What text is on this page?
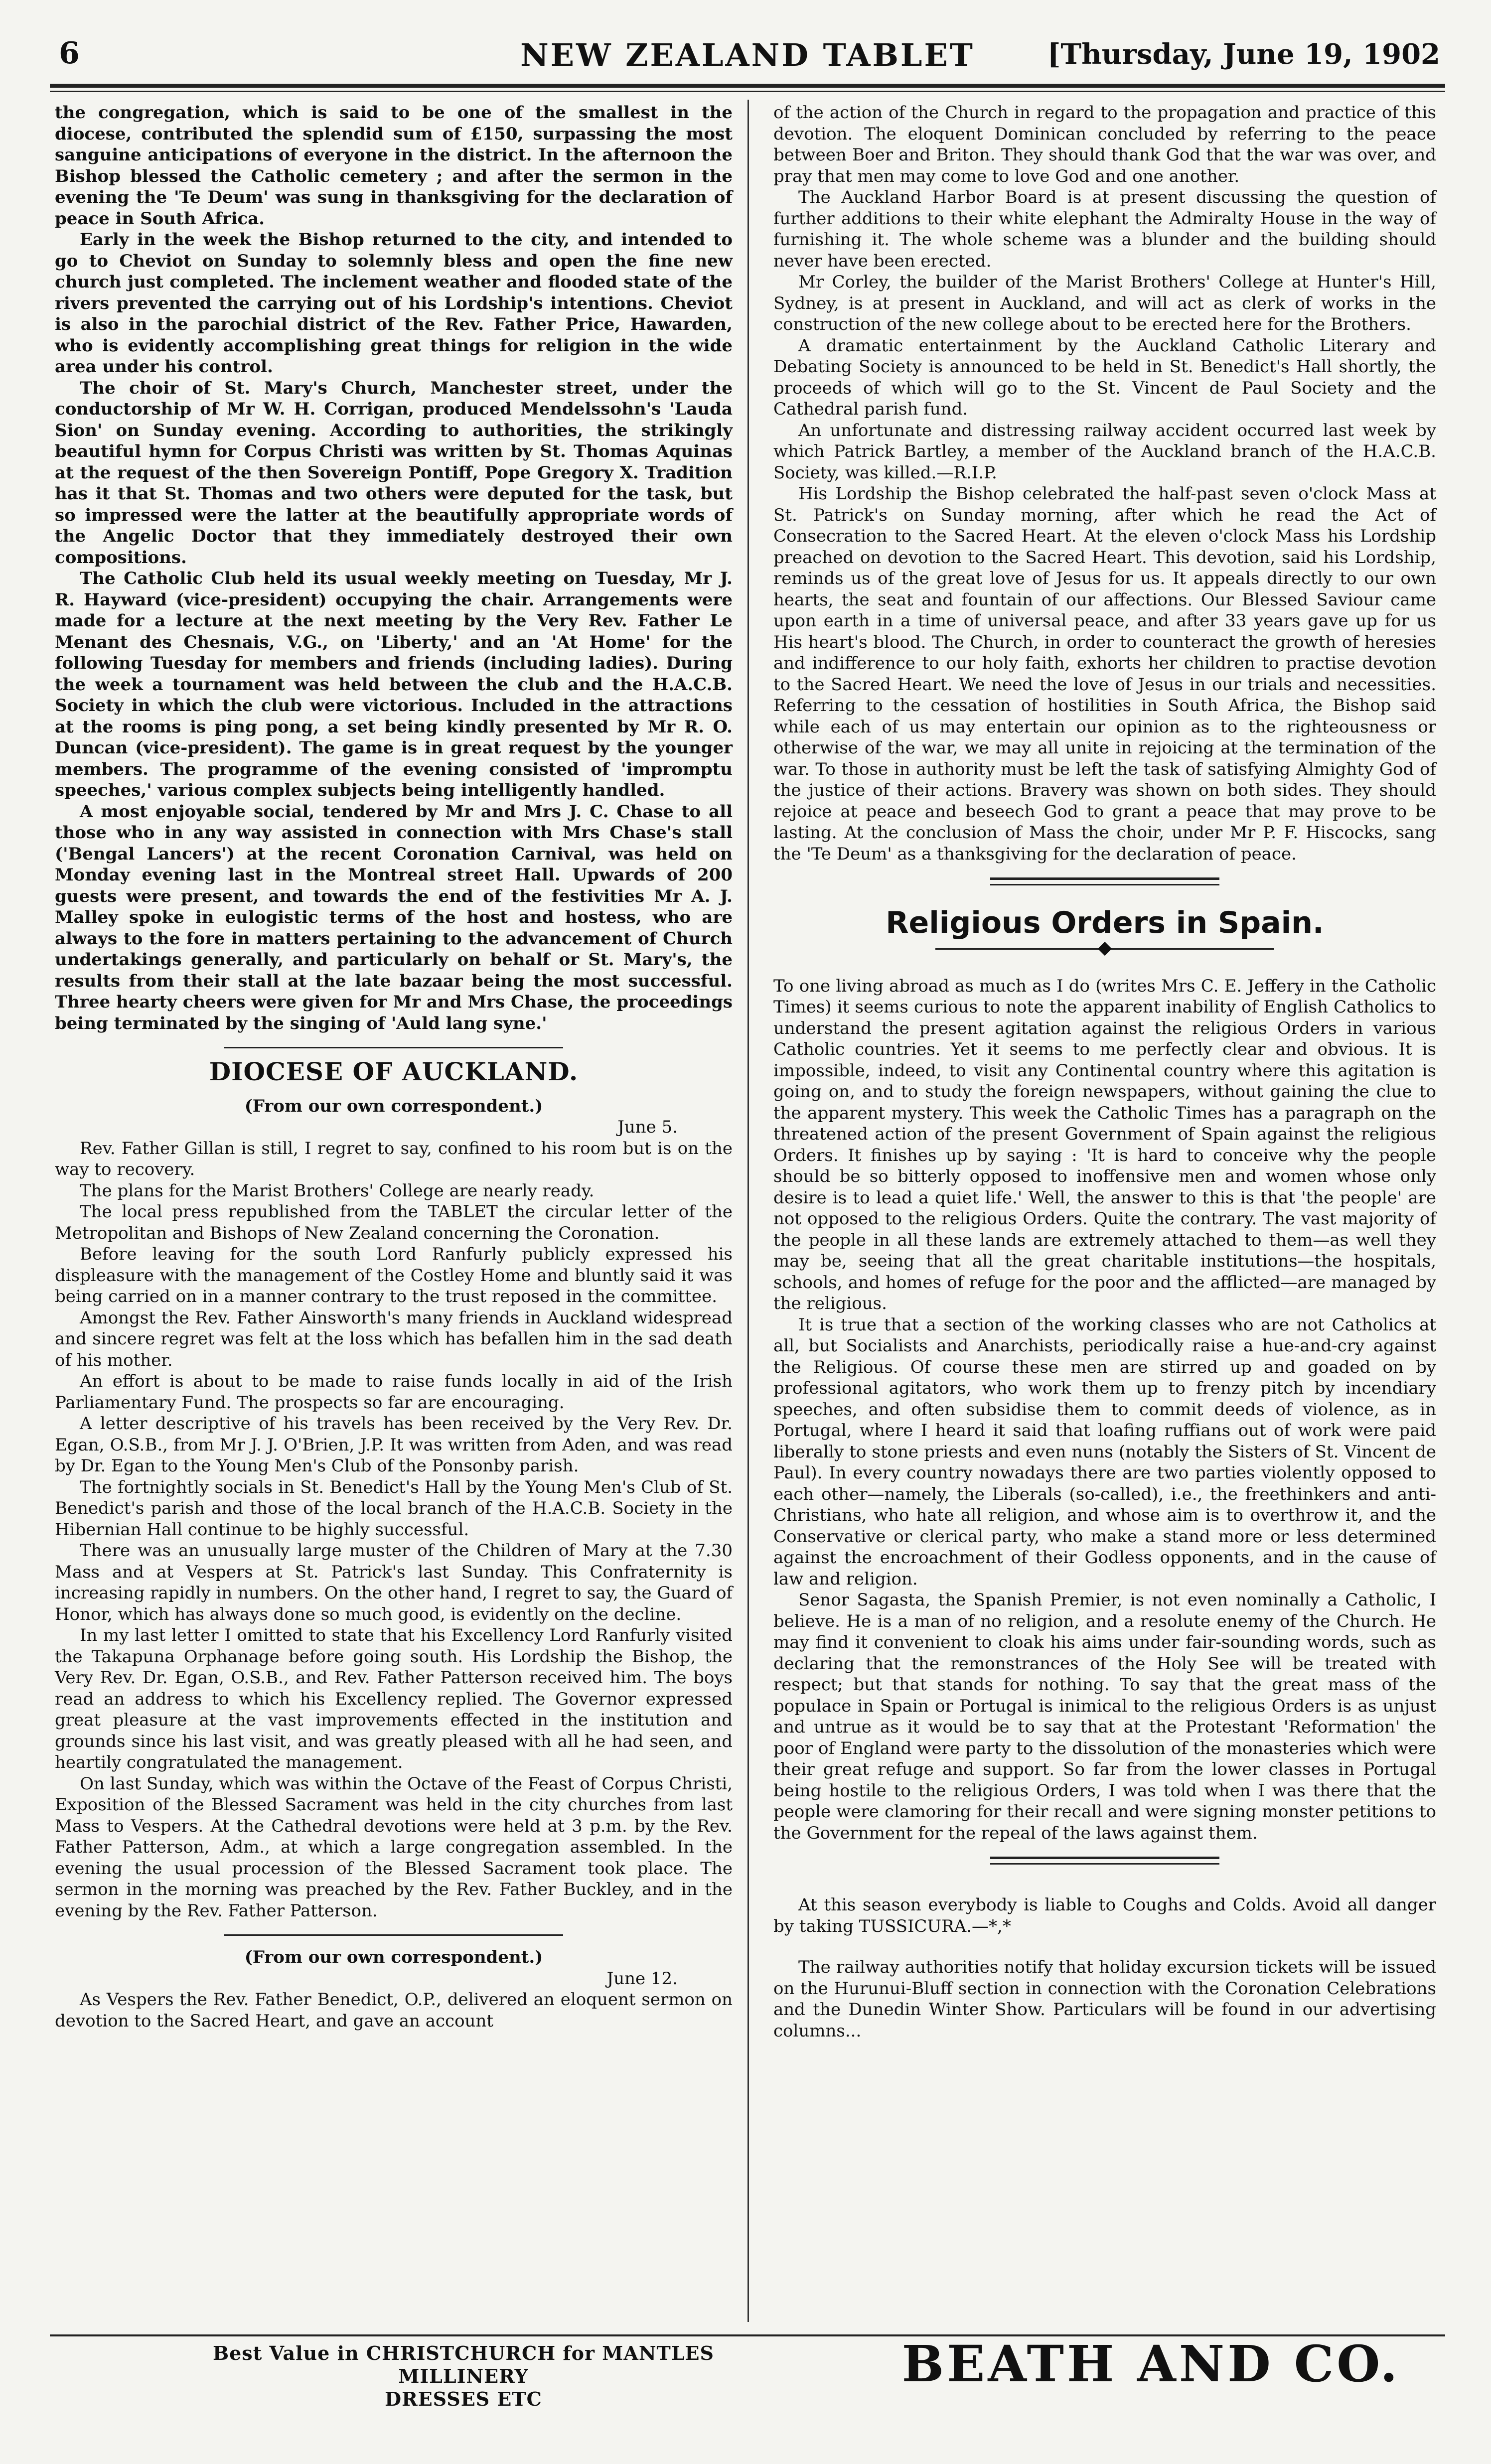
6	NEW ZEALAND TABLET	[Thursday, June 19, 1902

the congregation, which is said to be one of the smallest in the diocese, contributed the splendid sum of £150, surpassing the most sanguine anticipations of everyone in the district. In the afternoon the Bishop blessed the Catholic cemetery ; and after the sermon in the evening the 'Te Deum' was sung in thanksgiving for the declaration of peace in South Africa.

Early in the week the Bishop returned to the city, and intended to go to Cheviot on Sunday to solemnly bless and open the fine new church just completed. The inclement weather and flooded state of the rivers prevented the carrying out of his Lordship's intentions. Cheviot is also in the parochial district of the Rev. Father Price, Hawarden, who is evidently accomplishing great things for religion in the wide area under his control.

The choir of St. Mary's Church, Manchester street, under the conductorship of Mr W. H. Corrigan, produced Mendelssohn's 'Lauda Sion' on Sunday evening. According to authorities, the strikingly beautiful hymn for Corpus Christi was written by St. Thomas Aquinas at the request of the then Sovereign Pontiff, Pope Gregory X. Tradition has it that St. Thomas and two others were deputed for the task, but so impressed were the latter at the beautifully appropriate words of the Angelic Doctor that they immediately destroyed their own compositions.

The Catholic Club held its usual weekly meeting on Tuesday, Mr J. R. Hayward (vice-president) occupying the chair. Arrangements were made for a lecture at the next meeting by the Very Rev. Father Le Menant des Chesnais, V.G., on 'Liberty,' and an 'At Home' for the following Tuesday for members and friends (including ladies). During the week a tournament was held between the club and the H.A.C.B. Society in which the club were victorious. Included in the attractions at the rooms is ping pong, a set being kindly presented by Mr R. O. Duncan (vice-president). The game is in great request by the younger members. The programme of the evening consisted of 'impromptu speeches,' various complex subjects being intelligently handled.

A most enjoyable social, tendered by Mr and Mrs J. C. Chase to all those who in any way assisted in connection with Mrs Chase's stall ('Bengal Lancers') at the recent Coronation Carnival, was held on Monday evening last in the Montreal street Hall. Upwards of 200 guests were present, and towards the end of the festivities Mr A. J. Malley spoke in eulogistic terms of the host and hostess, who are always to the fore in matters pertaining to the advancement of Church undertakings generally, and particularly on behalf or St. Mary's, the results from their stall at the late bazaar being the most successful. Three hearty cheers were given for Mr and Mrs Chase, the proceedings being terminated by the singing of 'Auld lang syne.'

DIOCESE OF AUCKLAND.
(From our own correspondent.)
June 5.

Rev. Father Gillan is still, I regret to say, confined to his room but is on the way to recovery.

The plans for the Marist Brothers' College are nearly ready.

The local press republished from the TABLET the circular letter of the Metropolitan and Bishops of New Zealand concerning the Coronation.

Before leaving for the south Lord Ranfurly publicly expressed his displeasure with the management of the Costley Home and bluntly said it was being carried on in a manner contrary to the trust reposed in the committee.

Amongst the Rev. Father Ainsworth's many friends in Auckland widespread and sincere regret was felt at the loss which has befallen him in the sad death of his mother.

An effort is about to be made to raise funds locally in aid of the Irish Parliamentary Fund. The prospects so far are encouraging.

A letter descriptive of his travels has been received by the Very Rev. Dr. Egan, O.S.B., from Mr J. J. O'Brien, J.P. It was written from Aden, and was read by Dr. Egan to the Young Men's Club of the Ponsonby parish.

The fortnightly socials in St. Benedict's Hall by the Young Men's Club of St. Benedict's parish and those of the local branch of the H.A.C.B. Society in the Hibernian Hall continue to be highly successful.

There was an unusually large muster of the Children of Mary at the 7.30 Mass and at Vespers at St. Patrick's last Sunday. This Confraternity is increasing rapidly in numbers. On the other hand, I regret to say, the Guard of Honor, which has always done so much good, is evidently on the decline.

In my last letter I omitted to state that his Excellency Lord Ranfurly visited the Takapuna Orphanage before going south. His Lordship the Bishop, the Very Rev. Dr. Egan, O.S.B., and Rev. Father Patterson received him. The boys read an address to which his Excellency replied. The Governor expressed great pleasure at the vast improvements effected in the institution and grounds since his last visit, and was greatly pleased with all he had seen, and heartily congratulated the management.

On last Sunday, which was within the Octave of the Feast of Corpus Christi, Exposition of the Blessed Sacrament was held in the city churches from last Mass to Vespers. At the Cathedral devotions were held at 3 p.m. by the Rev. Father Patterson, Adm., at which a large congregation assembled. In the evening the usual procession of the Blessed Sacrament took place. The sermon in the morning was preached by the Rev. Father Buckley, and in the evening by the Rev. Father Patterson.

(From our own correspondent.)
June 12.

As Vespers the Rev. Father Benedict, O.P., delivered an eloquent sermon on devotion to the Sacred Heart, and gave an account

of the action of the Church in regard to the propagation and practice of this devotion. The eloquent Dominican concluded by referring to the peace between Boer and Briton. They should thank God that the war was over, and pray that men may come to love God and one another.

The Auckland Harbor Board is at present discussing the question of further additions to their white elephant the Admiralty House in the way of furnishing it. The whole scheme was a blunder and the building should never have been erected.

Mr Corley, the builder of the Marist Brothers' College at Hunter's Hill, Sydney, is at present in Auckland, and will act as clerk of works in the construction of the new college about to be erected here for the Brothers.

A dramatic entertainment by the Auckland Catholic Literary and Debating Society is announced to be held in St. Benedict's Hall shortly, the proceeds of which will go to the St. Vincent de Paul Society and the Cathedral parish fund.

An unfortunate and distressing railway accident occurred last week by which Patrick Bartley, a member of the Auckland branch of the H.A.C.B. Society, was killed.—R.I.P.

His Lordship the Bishop celebrated the half-past seven o'clock Mass at St. Patrick's on Sunday morning, after which he read the Act of Consecration to the Sacred Heart. At the eleven o'clock Mass his Lordship preached on devotion to the Sacred Heart. This devotion, said his Lordship, reminds us of the great love of Jesus for us. It appeals directly to our own hearts, the seat and fountain of our affections. Our Blessed Saviour came upon earth in a time of universal peace, and after 33 years gave up for us His heart's blood. The Church, in order to counteract the growth of heresies and indifference to our holy faith, exhorts her children to practise devotion to the Sacred Heart. We need the love of Jesus in our trials and necessities. Referring to the cessation of hostilities in South Africa, the Bishop said while each of us may entertain our opinion as to the righteousness or otherwise of the war, we may all unite in rejoicing at the termination of the war. To those in authority must be left the task of satisfying Almighty God of the justice of their actions. Bravery was shown on both sides. They should rejoice at peace and beseech God to grant a peace that may prove to be lasting. At the conclusion of Mass the choir, under Mr P. F. Hiscocks, sang the 'Te Deum' as a thanksgiving for the declaration of peace.

Religious Orders in Spain.

To one living abroad as much as I do (writes Mrs C. E. Jeffery in the Catholic Times) it seems curious to note the apparent inability of English Catholics to understand the present agitation against the religious Orders in various Catholic countries. Yet it seems to me perfectly clear and obvious. It is impossible, indeed, to visit any Continental country where this agitation is going on, and to study the foreign newspapers, without gaining the clue to the apparent mystery. This week the Catholic Times has a paragraph on the threatened action of the present Government of Spain against the religious Orders. It finishes up by saying : 'It is hard to conceive why the people should be so bitterly opposed to inoffensive men and women whose only desire is to lead a quiet life.' Well, the answer to this is that 'the people' are not opposed to the religious Orders. Quite the contrary. The vast majority of the people in all these lands are extremely attached to them—as well they may be, seeing that all the great charitable institutions—the hospitals, schools, and homes of refuge for the poor and the afflicted—are managed by the religious.

It is true that a section of the working classes who are not Catholics at all, but Socialists and Anarchists, periodically raise a hue-and-cry against the Religious. Of course these men are stirred up and goaded on by professional agitators, who work them up to frenzy pitch by incendiary speeches, and often subsidise them to commit deeds of violence, as in Portugal, where I heard it said that loafing ruffians out of work were paid liberally to stone priests and even nuns (notably the Sisters of St. Vincent de Paul). In every country nowadays there are two parties violently opposed to each other—namely, the Liberals (so-called), i.e., the freethinkers and anti-Christians, who hate all religion, and whose aim is to overthrow it, and the Conservative or clerical party, who make a stand more or less determined against the encroachment of their Godless opponents, and in the cause of law and religion.

Senor Sagasta, the Spanish Premier, is not even nominally a Catholic, I believe. He is a man of no religion, and a resolute enemy of the Church. He may find it convenient to cloak his aims under fair-sounding words, such as declaring that the remonstrances of the Holy See will be treated with respect; but that stands for nothing. To say that the great mass of the populace in Spain or Portugal is inimical to the religious Orders is as unjust and untrue as it would be to say that at the Protestant 'Reformation' the poor of England were party to the dissolution of the monasteries which were their great refuge and support. So far from the lower classes in Portugal being hostile to the religious Orders, I was told when I was there that the people were clamoring for their recall and were signing monster petitions to the Government for the repeal of the laws against them.

At this season everybody is liable to Coughs and Colds. Avoid all danger by taking TUSSICURA.—*,*

The railway authorities notify that holiday excursion tickets will be issued on the Hurunui-Bluff section in connection with the Coronation Celebrations and the Dunedin Winter Show. Particulars will be found in our advertising columns...

Best Value in CHRISTCHURCH for MANTLES MILLINERY
DRESSES ETC
BEATH AND CO.
